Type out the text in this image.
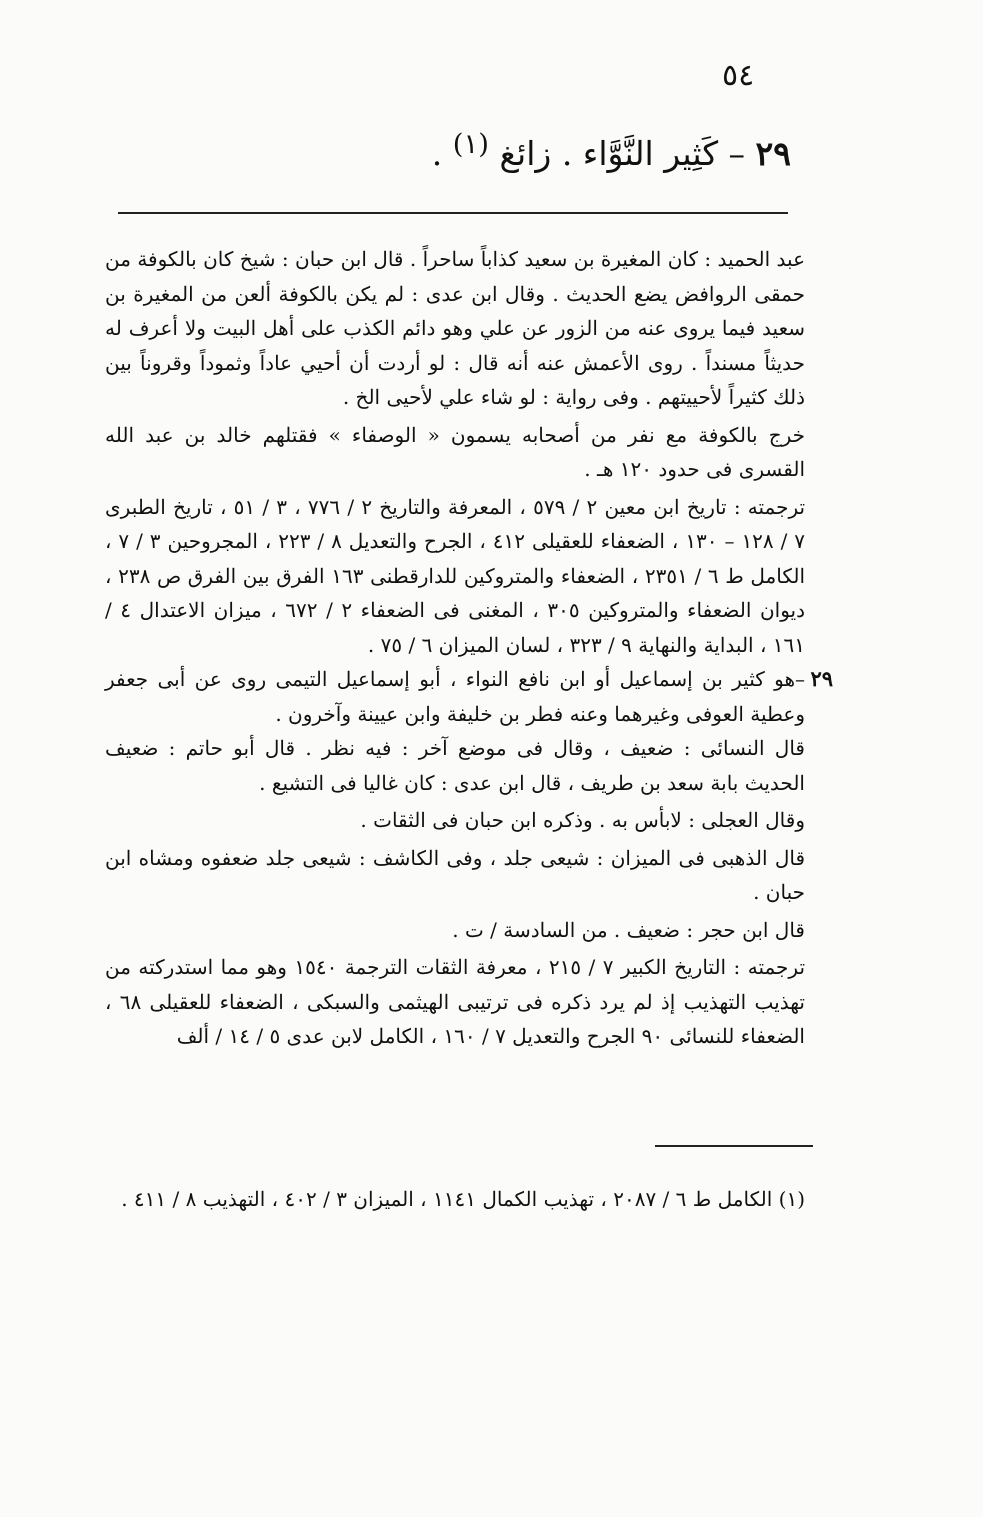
٥٤
٢٩ – كَثِير النَّوَّاء . زائغ $^{(١)}$ .

عبد الحميد : كان المغيرة بن سعيد كذاباً ساحراً . قال ابن حبان : شيخ كان بالكوفة من حمقى الروافض يضع الحديث . وقال ابن عدى : لم يكن بالكوفة ألعن من المغيرة بن سعيد فيما يروى عنه من الزور عن علي وهو دائم الكذب على أهل البيت ولا أعرف له حديثاً مسنداً . روى الأعمش عنه أنه قال : لو أردت أن أحيي عاداً وثموداً وقروناً بين ذلك كثيراً لأحييتهم . وفى رواية : لو شاء علي لأحيى الخ .

خرج بالكوفة مع نفر من أصحابه يسمون « الوصفاء » فقتلهم خالد بن عبد الله القسرى فى حدود ١٢٠ هـ .

ترجمته : تاريخ ابن معين ٢ / ٥٧٩ ، المعرفة والتاريخ ٢ / ٧٧٦ ، ٣ / ٥١ ، تاريخ الطبرى ٧ / ١٢٨ – ١٣٠ ، الضعفاء للعقيلى ٤١٢ ، الجرح والتعديل ٨ / ٢٢٣ ، المجروحين ٣ / ٧ ، الكامل ط ٦ / ٢٣٥١ ، الضعفاء والمتروكين للدارقطنى ١٦٣ الفرق بين الفرق ص ٢٣٨ ، ديوان الضعفاء والمتروكين ٣٠٥ ، المغنى فى الضعفاء ٢ / ٦٧٢ ، ميزان الاعتدال ٤ / ١٦١ ، البداية والنهاية ٩ / ٣٢٣ ، لسان الميزان ٦ / ٧٥ .

٢٩

–هو كثير بن إسماعيل أو ابن نافع النواء ، أبو إسماعيل التيمى روى عن أبى جعفر وعطية العوفى وغيرهما وعنه فطر بن خليفة وابن عيينة وآخرون .

قال النسائى : ضعيف ، وقال فى موضع آخر : فيه نظر . قال أبو حاتم : ضعيف الحديث بابة سعد بن طريف ، قال ابن عدى : كان غاليا فى التشيع .

وقال العجلى : لابأس به . وذكره ابن حبان فى الثقات .

قال الذهبى فى الميزان : شيعى جلد ، وفى الكاشف : شيعى جلد ضعفوه ومشاه ابن حبان .

قال ابن حجر : ضعيف . من السادسة / ت .

ترجمته : التاريخ الكبير ٧ / ٢١٥ ، معرفة الثقات الترجمة ١٥٤٠ وهو مما استدركته من تهذيب التهذيب إذ لم يرد ذكره فى ترتيبى الهيثمى والسبكى ، الضعفاء للعقيلى ٦٨ ، الضعفاء للنسائى ٩٠ الجرح والتعديل ٧ / ١٦٠ ، الكامل لابن عدى ٥ / ١٤ / ألف

(١) الكامل ط ٦ / ٢٠٨٧ ، تهذيب الكمال ١١٤١ ، الميزان ٣ / ٤٠٢ ، التهذيب ٨ / ٤١١ .
